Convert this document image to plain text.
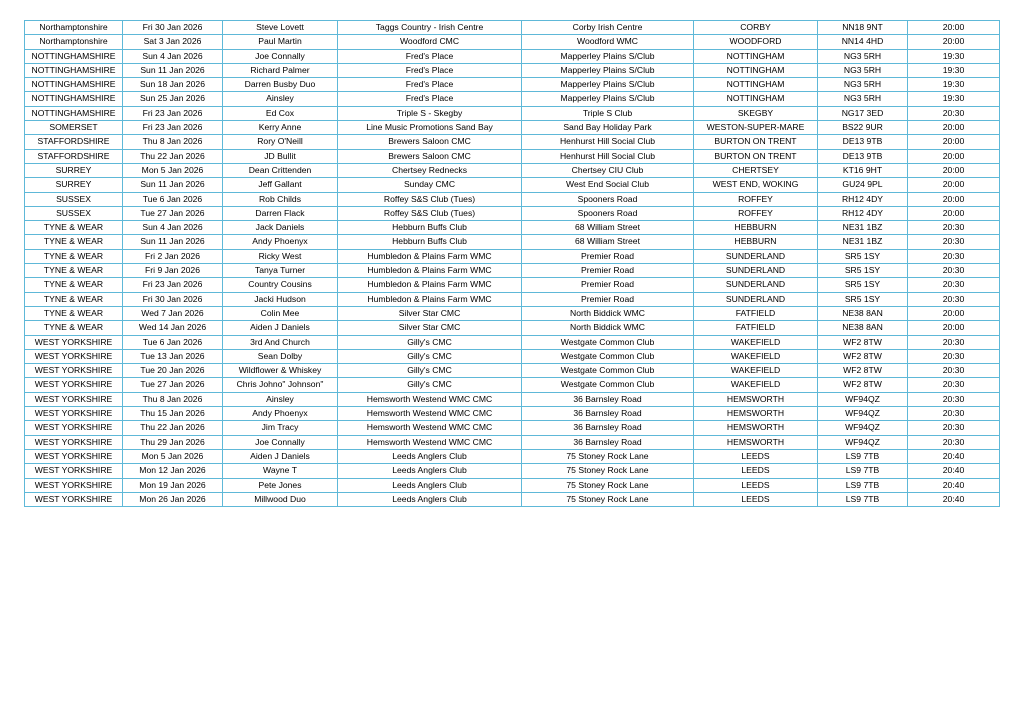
Northamptonshire	Fri 30 Jan 2026	Steve Lovett	Taggs Country - Irish Centre	Corby Irish Centre	CORBY	NN18 9NT	20:00
Northamptonshire	Sat 3 Jan 2026	Paul Martin	Woodford CMC	Woodford WMC	WOODFORD	NN14 4HD	20:00
NOTTINGHAMSHIRE	Sun 4 Jan 2026	Joe Connally	Fred's Place	Mapperley Plains S/Club	NOTTINGHAM	NG3 5RH	19:30
NOTTINGHAMSHIRE	Sun 11 Jan 2026	Richard Palmer	Fred's Place	Mapperley Plains S/Club	NOTTINGHAM	NG3 5RH	19:30
NOTTINGHAMSHIRE	Sun 18 Jan 2026	Darren Busby Duo	Fred's Place	Mapperley Plains S/Club	NOTTINGHAM	NG3 5RH	19:30
NOTTINGHAMSHIRE	Sun 25 Jan 2026	Ainsley	Fred's Place	Mapperley Plains S/Club	NOTTINGHAM	NG3 5RH	19:30
NOTTINGHAMSHIRE	Fri 23 Jan 2026	Ed Cox	Triple S - Skegby	Triple S Club	SKEGBY	NG17 3ED	20:30
SOMERSET	Fri 23 Jan 2026	Kerry Anne	Line Music Promotions Sand Bay	Sand Bay Holiday Park	WESTON-SUPER-MARE	BS22 9UR	20:00
STAFFORDSHIRE	Thu 8 Jan 2026	Rory O'Neill	Brewers Saloon CMC	Henhurst Hill Social Club	BURTON ON TRENT	DE13 9TB	20:00
STAFFORDSHIRE	Thu 22 Jan 2026	JD Bullit	Brewers Saloon CMC	Henhurst Hill Social Club	BURTON ON TRENT	DE13 9TB	20:00
SURREY	Mon 5 Jan 2026	Dean Crittenden	Chertsey Rednecks	Chertsey CIU Club	CHERTSEY	KT16 9HT	20:00
SURREY	Sun 11 Jan 2026	Jeff Gallant	Sunday CMC	West End Social Club	WEST END, WOKING	GU24 9PL	20:00
SUSSEX	Tue 6 Jan 2026	Rob Childs	Roffey S&S Club (Tues)	Spooners Road	ROFFEY	RH12 4DY	20:00
SUSSEX	Tue 27 Jan 2026	Darren Flack	Roffey S&S Club (Tues)	Spooners Road	ROFFEY	RH12 4DY	20:00
TYNE & WEAR	Sun 4 Jan 2026	Jack Daniels	Hebburn Buffs Club	68 William Street	HEBBURN	NE31 1BZ	20:30
TYNE & WEAR	Sun 11 Jan 2026	Andy Phoenyx	Hebburn Buffs Club	68 William Street	HEBBURN	NE31 1BZ	20:30
TYNE & WEAR	Fri 2 Jan 2026	Ricky West	Humbledon & Plains Farm WMC	Premier Road	SUNDERLAND	SR5 1SY	20:30
TYNE & WEAR	Fri 9 Jan 2026	Tanya Turner	Humbledon & Plains Farm WMC	Premier Road	SUNDERLAND	SR5 1SY	20:30
TYNE & WEAR	Fri 23 Jan 2026	Country Cousins	Humbledon & Plains Farm WMC	Premier Road	SUNDERLAND	SR5 1SY	20:30
TYNE & WEAR	Fri 30 Jan 2026	Jacki Hudson	Humbledon & Plains Farm WMC	Premier Road	SUNDERLAND	SR5 1SY	20:30
TYNE & WEAR	Wed 7 Jan 2026	Colin Mee	Silver Star CMC	North Biddick WMC	FATFIELD	NE38 8AN	20:00
TYNE & WEAR	Wed 14 Jan 2026	Aiden J Daniels	Silver Star CMC	North Biddick WMC	FATFIELD	NE38 8AN	20:00
WEST YORKSHIRE	Tue 6 Jan 2026	3rd And Church	Gilly's CMC	Westgate Common Club	WAKEFIELD	WF2 8TW	20:30
WEST YORKSHIRE	Tue 13 Jan 2026	Sean Dolby	Gilly's CMC	Westgate Common Club	WAKEFIELD	WF2 8TW	20:30
WEST YORKSHIRE	Tue 20 Jan 2026	Wildflower & Whiskey	Gilly's CMC	Westgate Common Club	WAKEFIELD	WF2 8TW	20:30
WEST YORKSHIRE	Tue 27 Jan 2026	Chris Johno" Johnson"	Gilly's CMC	Westgate Common Club	WAKEFIELD	WF2 8TW	20:30
WEST YORKSHIRE	Thu 8 Jan 2026	Ainsley	Hemsworth Westend WMC CMC	36 Barnsley Road	HEMSWORTH	WF94QZ	20:30
WEST YORKSHIRE	Thu 15 Jan 2026	Andy Phoenyx	Hemsworth Westend WMC CMC	36 Barnsley Road	HEMSWORTH	WF94QZ	20:30
WEST YORKSHIRE	Thu 22 Jan 2026	Jim Tracy	Hemsworth Westend WMC CMC	36 Barnsley Road	HEMSWORTH	WF94QZ	20:30
WEST YORKSHIRE	Thu 29 Jan 2026	Joe Connally	Hemsworth Westend WMC CMC	36 Barnsley Road	HEMSWORTH	WF94QZ	20:30
WEST YORKSHIRE	Mon 5 Jan 2026	Aiden J Daniels	Leeds Anglers Club	75 Stoney Rock Lane	LEEDS	LS9 7TB	20:40
WEST YORKSHIRE	Mon 12 Jan 2026	Wayne T	Leeds Anglers Club	75 Stoney Rock Lane	LEEDS	LS9 7TB	20:40
WEST YORKSHIRE	Mon 19 Jan 2026	Pete Jones	Leeds Anglers Club	75 Stoney Rock Lane	LEEDS	LS9 7TB	20:40
WEST YORKSHIRE	Mon 26 Jan 2026	Millwood Duo	Leeds Anglers Club	75 Stoney Rock Lane	LEEDS	LS9 7TB	20:40
